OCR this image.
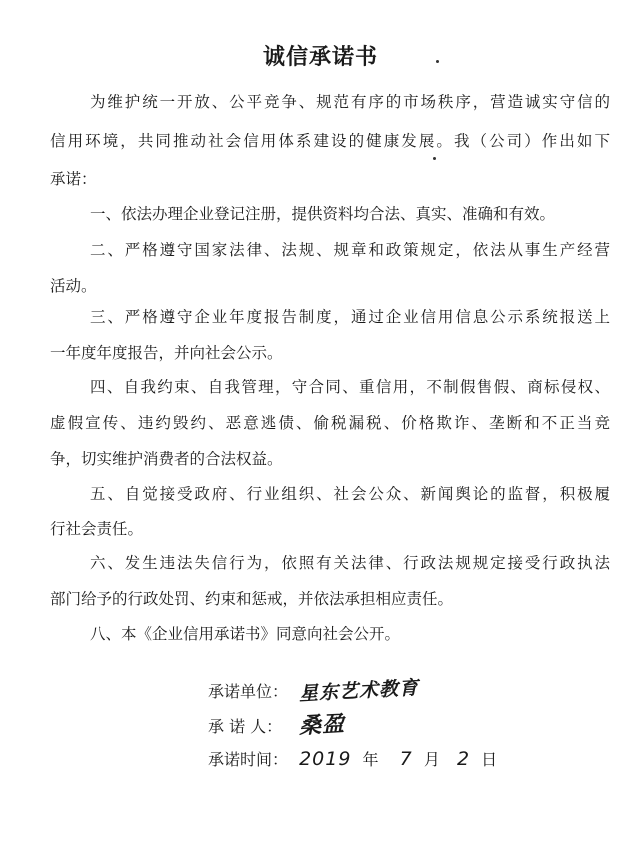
诚信承诺书
为维护统一开放、公平竞争、规范有序的市场秩序，营造诚实守信的
信用环境，共同推动社会信用体系建设的健康发展。我（公司）作出如下
承诺：
一、依法办理企业登记注册，提供资料均合法、真实、准确和有效。
二、严格遵守国家法律、法规、规章和政策规定，依法从事生产经营
活动。
三、严格遵守企业年度报告制度，通过企业信用信息公示系统报送上
一年度年度报告，并向社会公示。
四、自我约束、自我管理，守合同、重信用，不制假售假、商标侵权、
虚假宣传、违约毁约、恶意逃债、偷税漏税、价格欺诈、垄断和不正当竞
争，切实维护消费者的合法权益。
五、自觉接受政府、行业组织、社会公众、新闻舆论的监督，积极履
行社会责任。
六、发生违法失信行为，依照有关法律、行政法规规定接受行政执法
部门给予的行政处罚、约束和惩戒，并依法承担相应责任。
八、本《企业信用承诺书》同意向社会公开。
承诺单位： 星东艺术教育
承 诺 人： 桑盈
承诺时间： 2019 年 7 月 2 日
